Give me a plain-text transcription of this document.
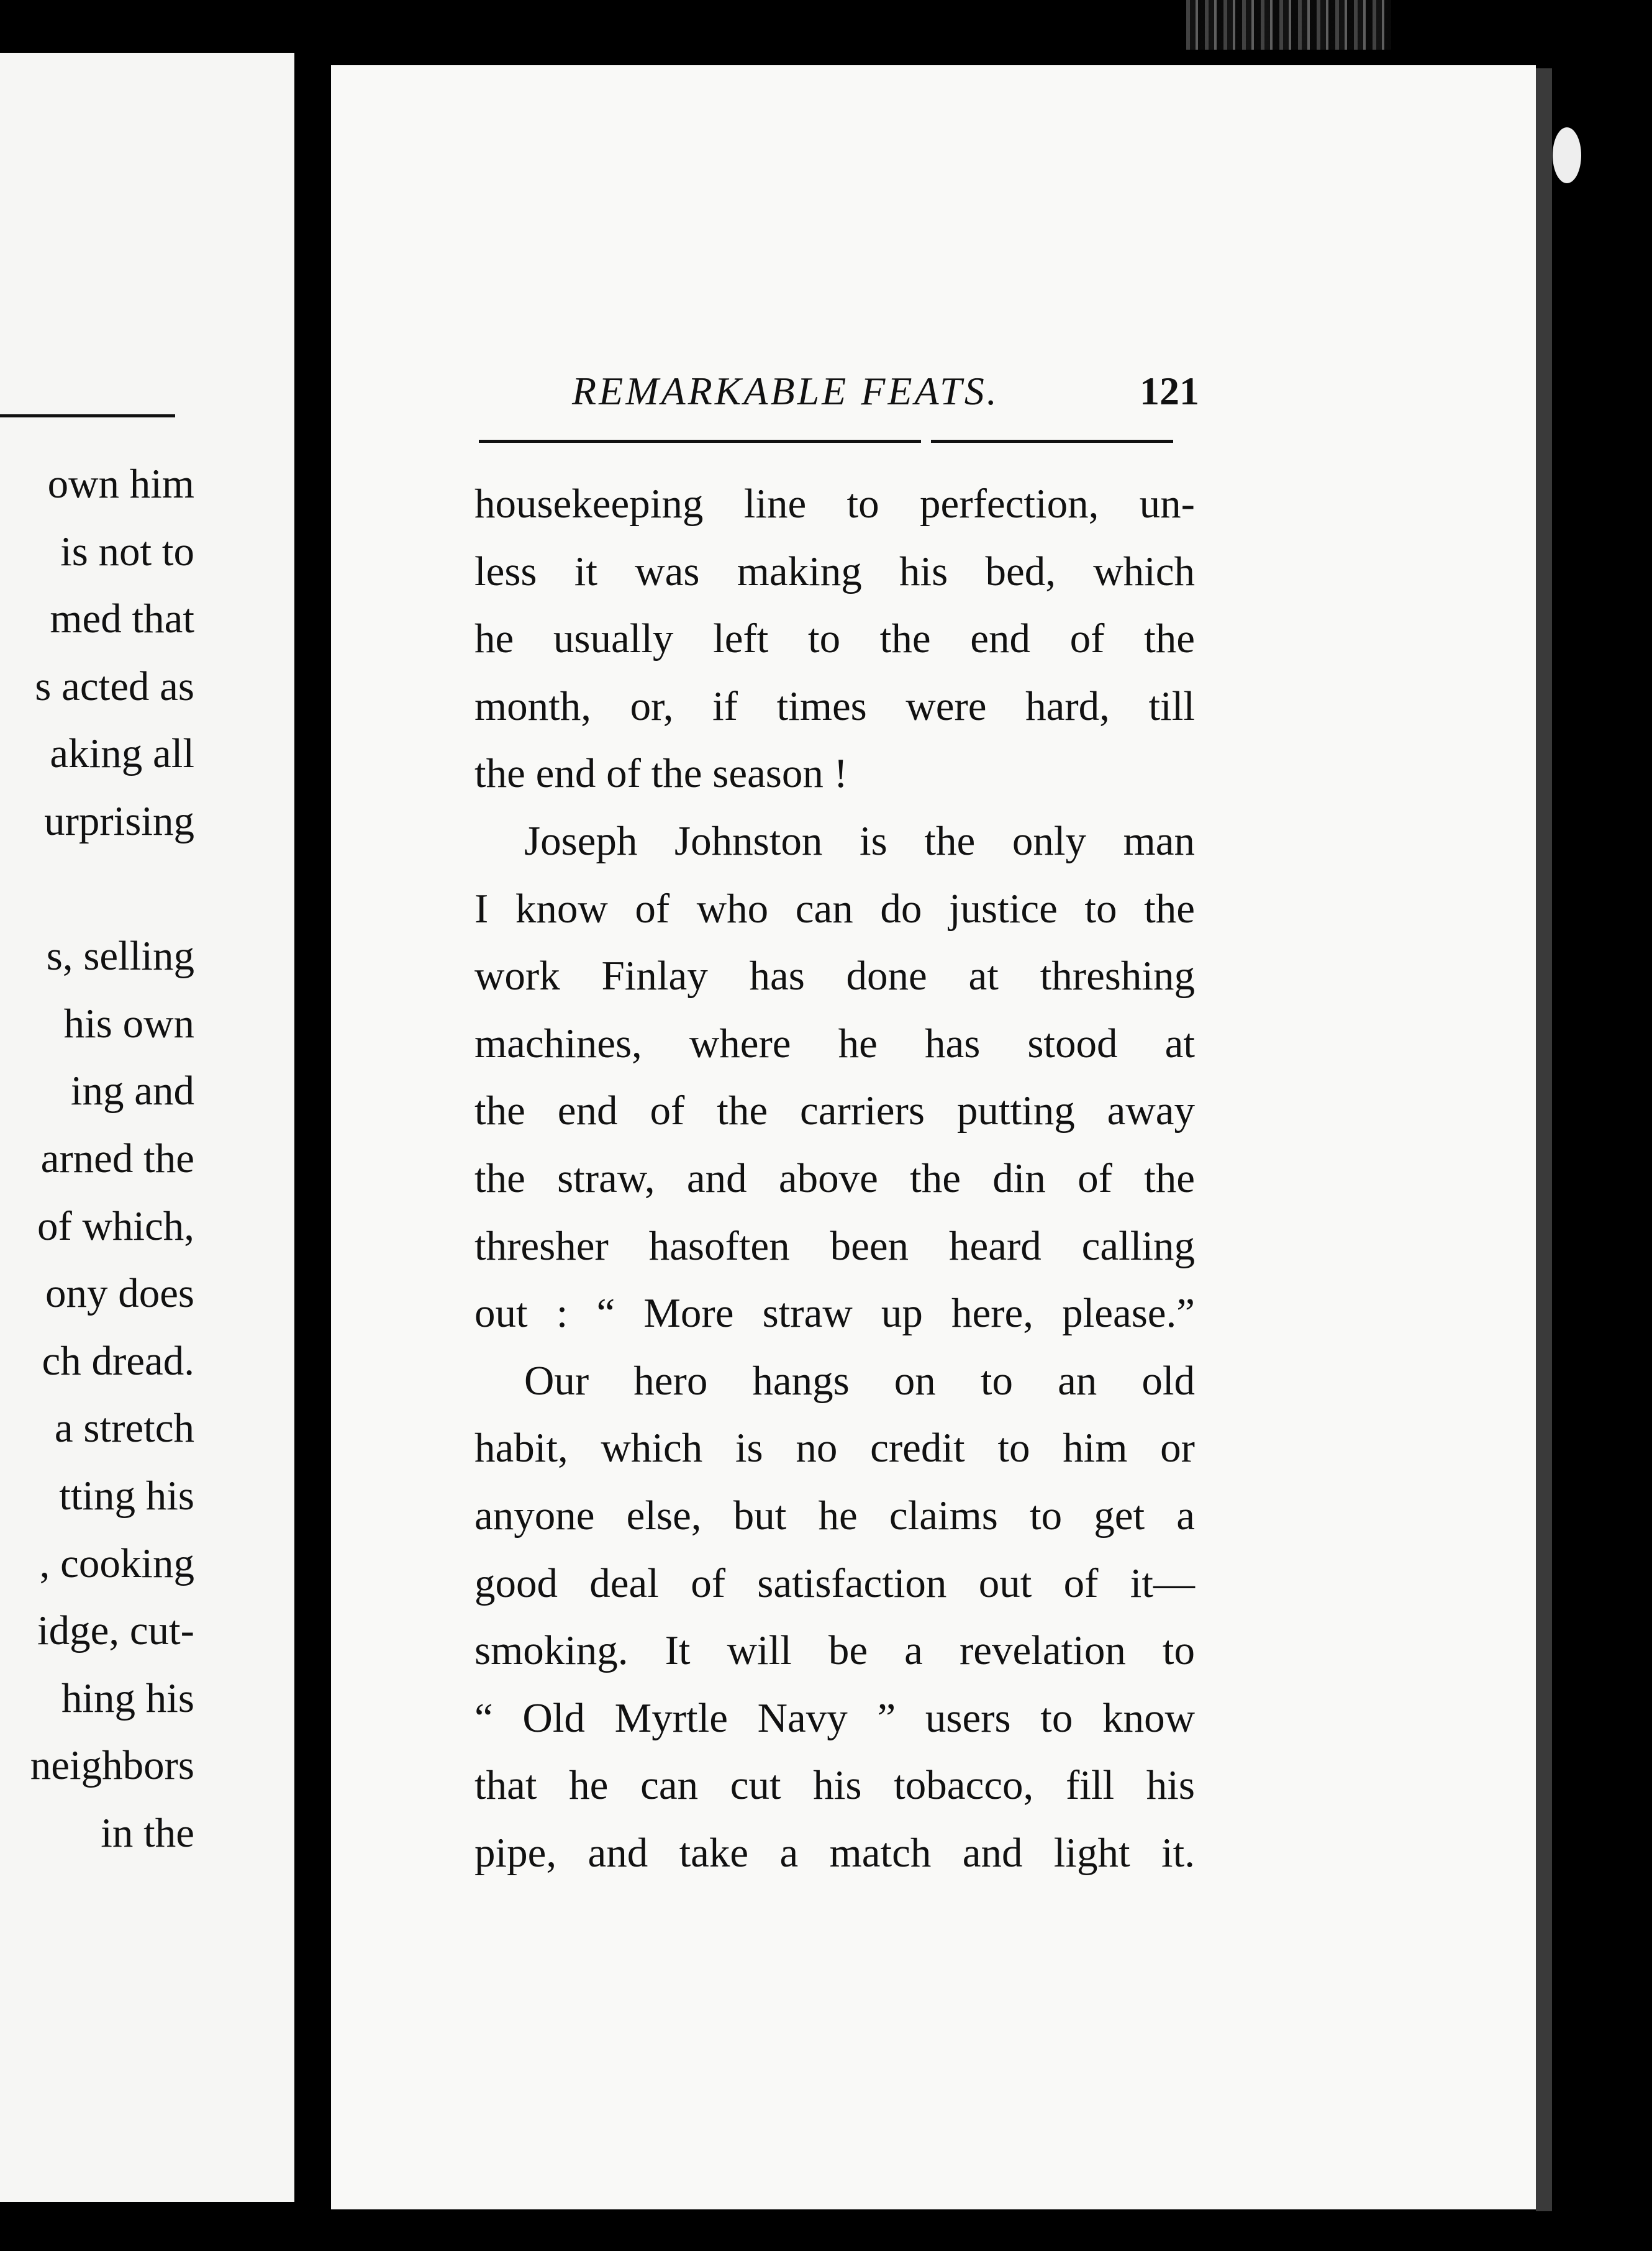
own him
is not to
med that
s acted as
aking all
urprising

s, selling
his own
ing and
arned the
of which,
ony does
ch dread.
a stretch
tting his
, cooking
idge, cut-
hing his
neighbors
in the
REMARKABLE FEATS.	121

housekeeping line to perfection, un-

less it was making his bed, which

he usually left to the end of the

month, or, if times were hard, till

the end of the season !

Joseph Johnston is the only man

I know of who can do justice to the

work Finlay has done at threshing

machines, where he has stood at

the end of the carriers putting away

the straw, and above the din of the

thresher hasoften been heard calling

out : “ More straw up here, please.”

Our hero hangs on to an old

habit, which is no credit to him or

anyone else, but he claims to get a

good deal of satisfaction out of it—

smoking. It will be a revelation to

“ Old Myrtle Navy ” users to know

that he can cut his tobacco, fill his

pipe, and take a match and light it.
